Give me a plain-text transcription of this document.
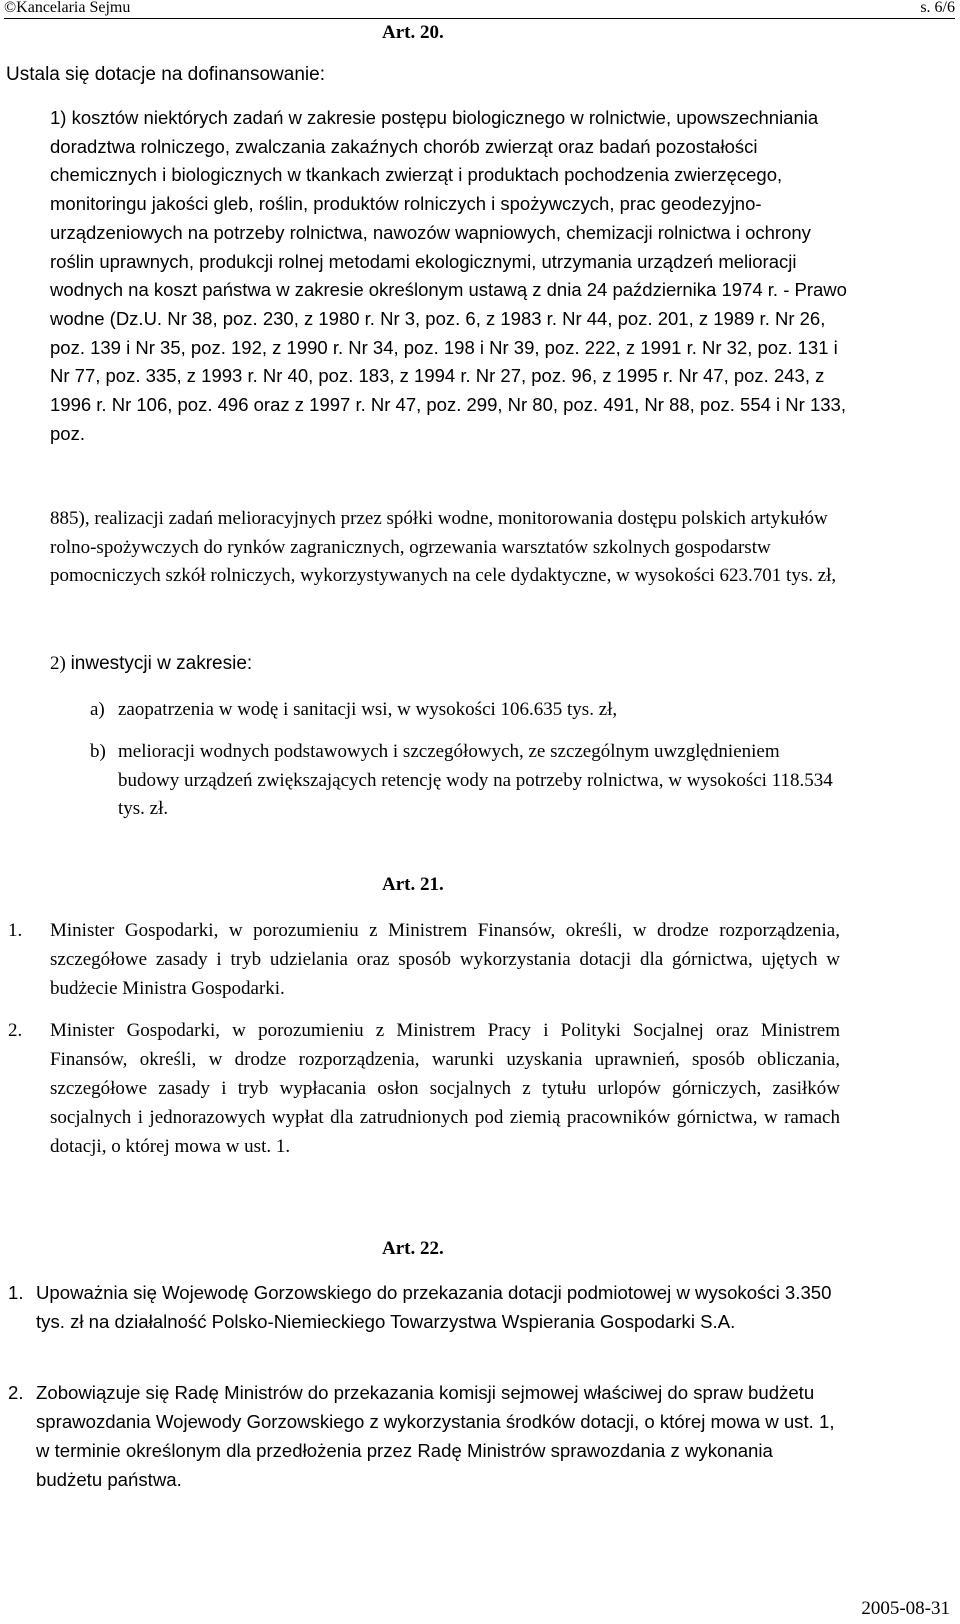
©Kancelaria Sejmu	s. 6/6
Art. 20.
Ustala się dotacje na dofinansowanie:
1) kosztów niektórych zadań w zakresie postępu biologicznego w rolnictwie, upowszechniania doradztwa rolniczego, zwalczania zakaźnych chorób zwierząt oraz badań pozostałości chemicznych i biologicznych w tkankach zwierząt i produktach pochodzenia zwierzęcego, monitoringu jakości gleb, roślin, produktów rolniczych i spożywczych, prac geodezyjno-urządzeniowych na potrzeby rolnictwa, nawozów wapniowych, chemizacji rolnictwa i ochrony roślin uprawnych, produkcji rolnej metodami ekologicznymi, utrzymania urządzeń melioracji wodnych na koszt państwa w zakresie określonym ustawą z dnia 24 października 1974 r. - Prawo wodne (Dz.U. Nr 38, poz. 230, z 1980 r. Nr 3, poz. 6, z 1983 r. Nr 44, poz. 201, z 1989 r. Nr 26, poz. 139 i Nr 35, poz. 192, z 1990 r. Nr 34, poz. 198 i Nr 39, poz. 222, z 1991 r. Nr 32, poz. 131 i Nr 77, poz. 335, z 1993 r. Nr 40, poz. 183, z 1994 r. Nr 27, poz. 96, z 1995 r. Nr 47, poz. 243, z 1996 r. Nr 106, poz. 496 oraz z 1997 r. Nr 47, poz. 299, Nr 80, poz. 491, Nr 88, poz. 554 i Nr 133, poz.
885), realizacji zadań melioracyjnych przez spółki wodne, monitorowania dostępu polskich artykułów rolno-spożywczych do rynków zagranicznych, ogrzewania warsztatów szkolnych gospodarstw pomocniczych szkół rolniczych, wykorzystywanych na cele dydaktyczne, w wysokości 623.701 tys. zł,
2) inwestycji w zakresie:
a) zaopatrzenia w wodę i sanitacji wsi, w wysokości 106.635 tys. zł,
b) melioracji wodnych podstawowych i szczegółowych, ze szczególnym uwzględnieniem budowy urządzeń zwiększających retencję wody na potrzeby rolnictwa, w wysokości 118.534 tys. zł.
Art. 21.
1. Minister Gospodarki, w porozumieniu z Ministrem Finansów, określi, w drodze rozporządzenia, szczegółowe zasady i tryb udzielania oraz sposób wykorzystania dotacji dla górnictwa, ujętych w budżecie Ministra Gospodarki.
2. Minister Gospodarki, w porozumieniu z Ministrem Pracy i Polityki Socjalnej oraz Ministrem Finansów, określi, w drodze rozporządzenia, warunki uzyskania uprawnień, sposób obliczania, szczegółowe zasady i tryb wypłacania osłon socjalnych z tytułu urlopów górniczych, zasiłków socjalnych i jednorazowych wypłat dla zatrudnionych pod ziemią pracowników górnictwa, w ramach dotacji, o której mowa w ust. 1.
Art. 22.
1. Upoważnia się Wojewodę Gorzowskiego do przekazania dotacji podmiotowej w wysokości 3.350 tys. zł na działalność Polsko-Niemieckiego Towarzystwa Wspierania Gospodarki S.A.
2. Zobowiązuje się Radę Ministrów do przekazania komisji sejmowej właściwej do spraw budżetu sprawozdania Wojewody Gorzowskiego z wykorzystania środków dotacji, o której mowa w ust. 1, w terminie określonym dla przedłożenia przez Radę Ministrów sprawozdania z wykonania budżetu państwa.
2005-08-31
